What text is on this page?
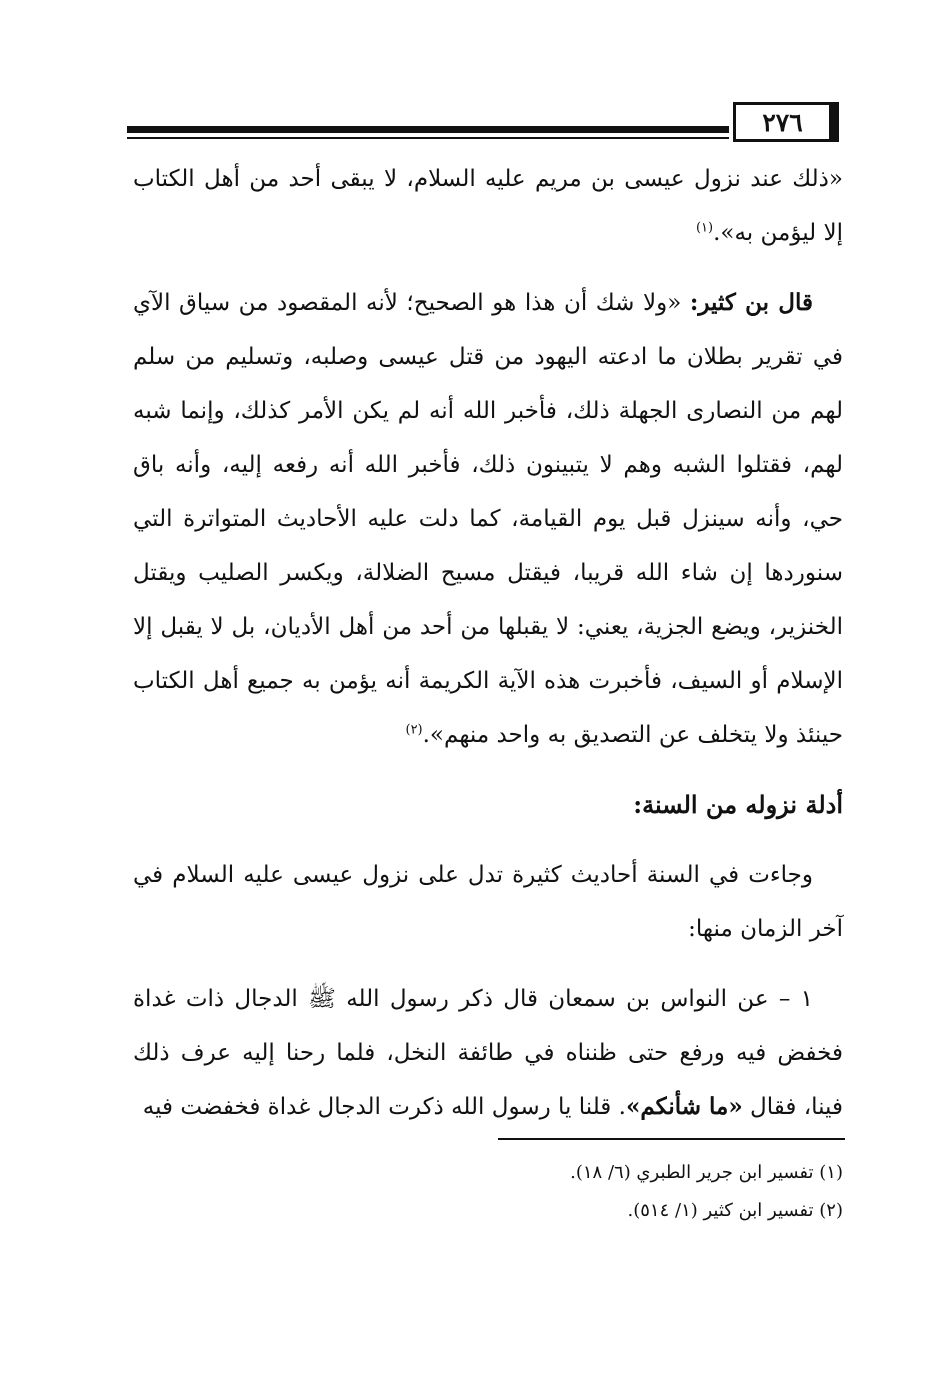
٢٧٦

«ذلك عند نزول عيسى بن مريم عليه السلام، لا يبقى أحد من أهل الكتاب إلا ليؤمن به».$^{(١)}$

قال بن كثير: «ولا شك أن هذا هو الصحيح؛ لأنه المقصود من سياق الآي في تقرير بطلان ما ادعته اليهود من قتل عيسى وصلبه، وتسليم من سلم لهم من النصارى الجهلة ذلك، فأخبر الله أنه لم يكن الأمر كذلك، وإنما شبه لهم، فقتلوا الشبه وهم لا يتبينون ذلك، فأخبر الله أنه رفعه إليه، وأنه باق حي، وأنه سينزل قبل يوم القيامة، كما دلت عليه الأحاديث المتواترة التي سنوردها إن شاء الله قريبا، فيقتل مسيح الضلالة، ويكسر الصليب ويقتل الخنزير، ويضع الجزية، يعني: لا يقبلها من أحد من أهل الأديان، بل لا يقبل إلا الإسلام أو السيف، فأخبرت هذه الآية الكريمة أنه يؤمن به جميع أهل الكتاب حينئذ ولا يتخلف عن التصديق به واحد منهم».$^{(٢)}$

أدلة نزوله من السنة:

وجاءت في السنة أحاديث كثيرة تدل على نزول عيسى عليه السلام في آخر الزمان منها:

١ – عن النواس بن سمعان قال ذكر رسول الله ﷺ الدجال ذات غداة فخفض فيه ورفع حتى ظنناه في طائفة النخل، فلما رحنا إليه عرف ذلك فينا، فقال «ما شأنكم». قلنا يا رسول الله ذكرت الدجال غداة فخفضت فيه

(١) تفسير ابن جرير الطبري (٦/ ١٨).

(٢) تفسير ابن كثير (١/ ٥١٤).
